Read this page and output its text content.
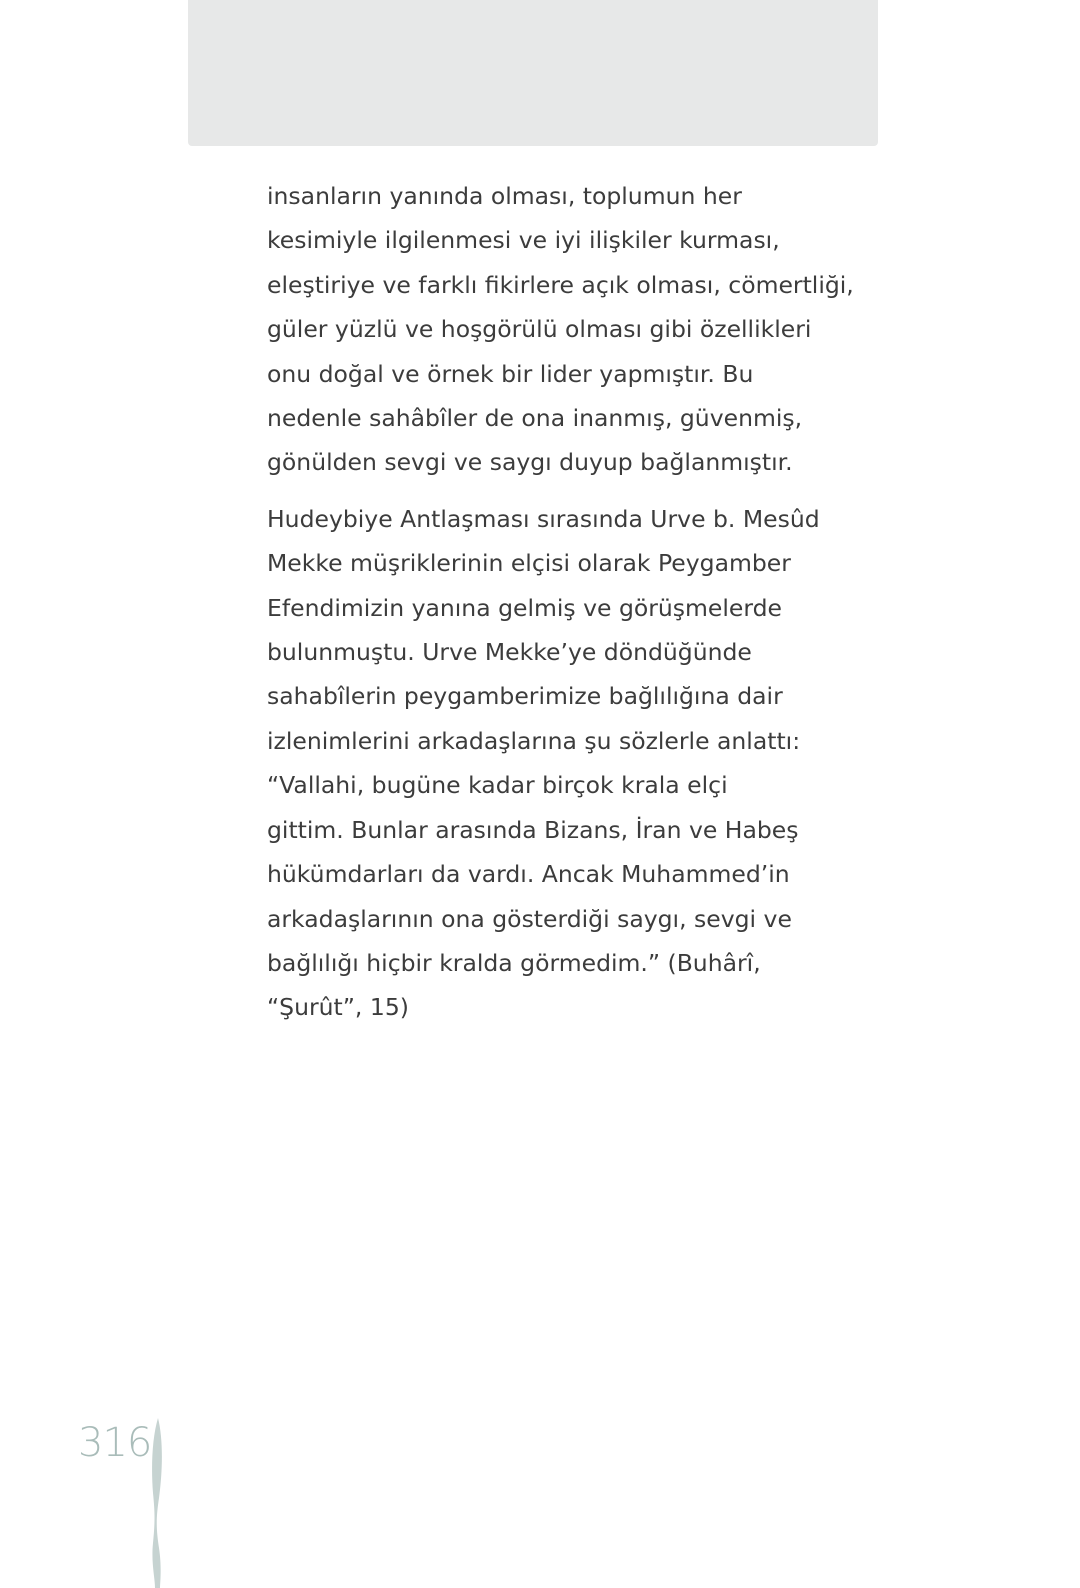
insanların yanında olması, toplumun her
kesimiyle ilgilenmesi ve iyi ilişkiler kurması,
eleştiriye ve farklı fikirlere açık olması, cömertliği,
güler yüzlü ve hoşgörülü olması gibi özellikleri
onu doğal ve örnek bir lider yapmıştır. Bu
nedenle sahâbîler de ona inanmış, güvenmiş,
gönülden sevgi ve saygı duyup bağlanmıştır.

Hudeybiye Antlaşması sırasında Urve b. Mesûd
Mekke müşriklerinin elçisi olarak Peygamber
Efendimizin yanına gelmiş ve görüşmelerde
bulunmuştu. Urve Mekke’ye döndüğünde
sahabîlerin peygamberimize bağlılığına dair
izlenimlerini arkadaşlarına şu sözlerle anlattı:
“Vallahi, bugüne kadar birçok krala elçi
gittim. Bunlar arasında Bizans, İran ve Habeş
hükümdarları da vardı. Ancak Muhammed’in
arkadaşlarının ona gösterdiği saygı, sevgi ve
bağlılığı hiçbir kralda görmedim.” (Buhârî,
“Şurût”, 15)

316
